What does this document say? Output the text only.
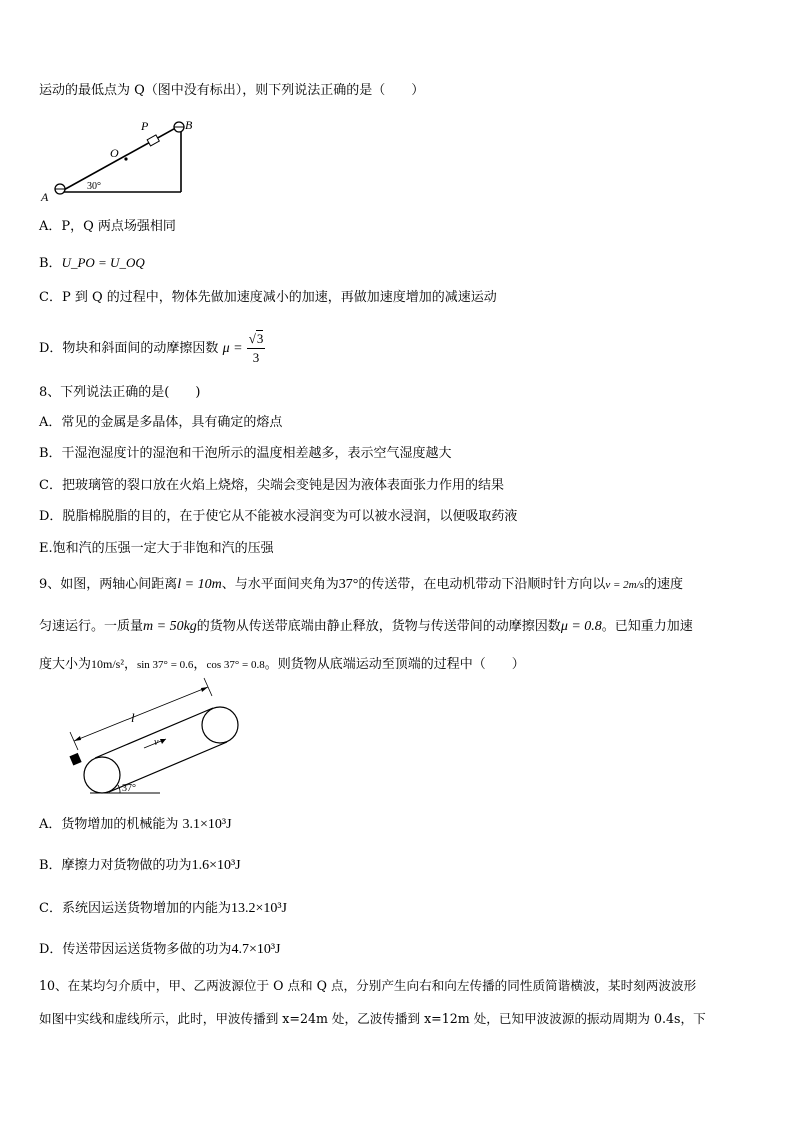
运动的最低点为 Q（图中没有标出），则下列说法正确的是（　　）
P	B
O
A
30°
A．P，Q 两点场强相同
B．U_PO = U_OQ
C．P 到 Q 的过程中，物体先做加速度减小的加速，再做加速度增加的减速运动
D．物块和斜面间的动摩擦因数 $\mu = \frac{√3}{3}$
8、下列说法正确的是(　　)
A．常见的金属是多晶体，具有确定的熔点
B．干湿泡湿度计的湿泡和干泡所示的温度相差越多，表示空气湿度越大
C．把玻璃管的裂口放在火焰上烧熔，尖端会变钝是因为液体表面张力作用的结果
D．脱脂棉脱脂的目的，在于使它从不能被水浸润变为可以被水浸润，以便吸取药液
E.饱和汽的压强一定大于非饱和汽的压强
9、如图，两轴心间距离l = 10m、与水平面间夹角为37°的传送带，在电动机带动下沿顺时针方向以v = 2m/s的速度
匀速运行。一质量m = 50kg的货物从传送带底端由静止释放，货物与传送带间的动摩擦因数μ = 0.8。已知重力加速
度大小为10m/s²，sin 37° = 0.6，cos 37° = 0.8。则货物从底端运动至顶端的过程中（　　）
l
v
37°
A．货物增加的机械能为 3.1×10³J
B．摩擦力对货物做的功为1.6×10³J
C．系统因运送货物增加的内能为13.2×10³J
D．传送带因运送货物多做的功为4.7×10³J
10、在某均匀介质中，甲、乙两波源位于 O 点和 Q 点，分别产生向右和向左传播的同性质简谐横波，某时刻两波波形
如图中实线和虚线所示，此时，甲波传播到 x=24m 处，乙波传播到 x=12m 处，已知甲波波源的振动周期为 0.4s，下
